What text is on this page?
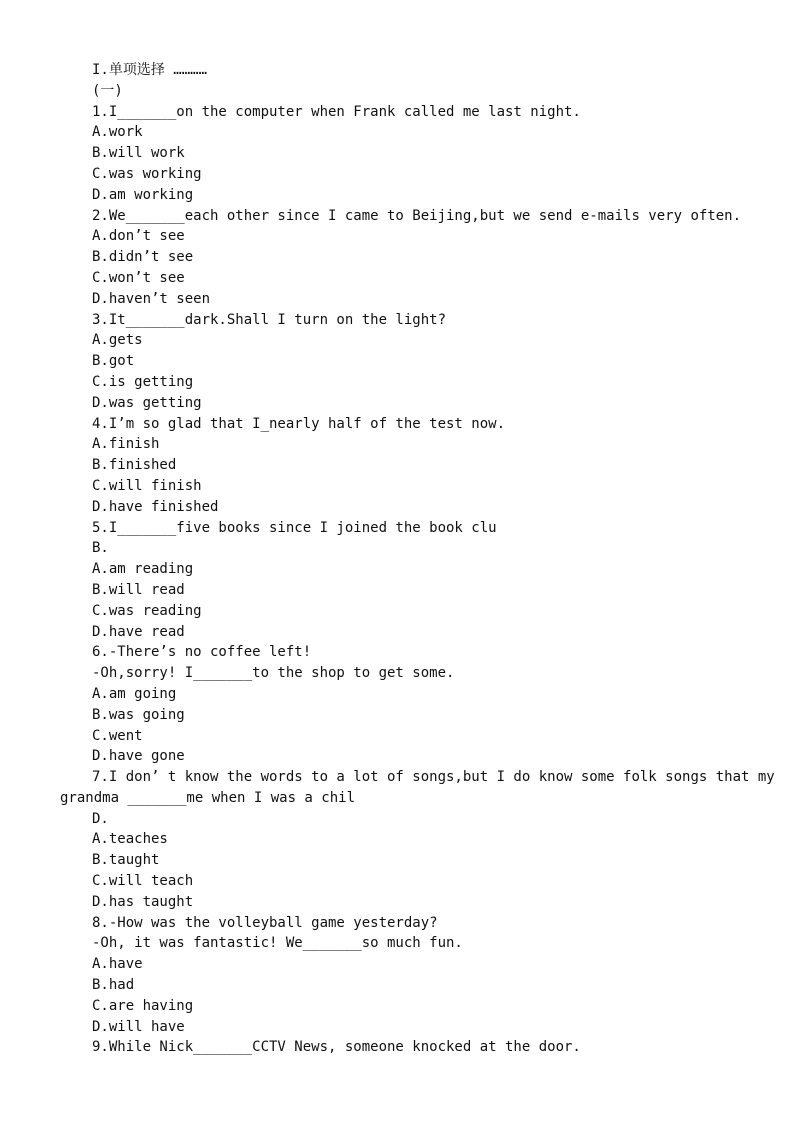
I.单项选择 …………
(一)
1.I_______on the computer when Frank called me last night.
A.work
B.will work
C.was working
D.am working
2.We_______each other since I came to Beijing,but we send e-mails very often.
A.don’t see
B.didn’t see
C.won’t see
D.haven’t seen
3.It_______dark.Shall I turn on the light?
A.gets
B.got
C.is getting
D.was getting
4.I’m so glad that I_nearly half of the test now.
A.finish
B.finished
C.will finish
D.have finished
5.I_______five books since I joined the book clu
B.
A.am reading
B.will read
C.was reading
D.have read
6.-There’s no coffee left!
-Oh,sorry! I_______to the shop to get some.
A.am going
B.was going
C.went
D.have gone
7.I don’ t know the words to a lot of songs,but I do know some folk songs that my
grandma _______me when I was a chil
D.
A.teaches
B.taught
C.will teach
D.has taught
8.-How was the volleyball game yesterday?
-Oh, it was fantastic! We_______so much fun.
A.have
B.had
C.are having
D.will have
9.While Nick_______CCTV News, someone knocked at the door.
